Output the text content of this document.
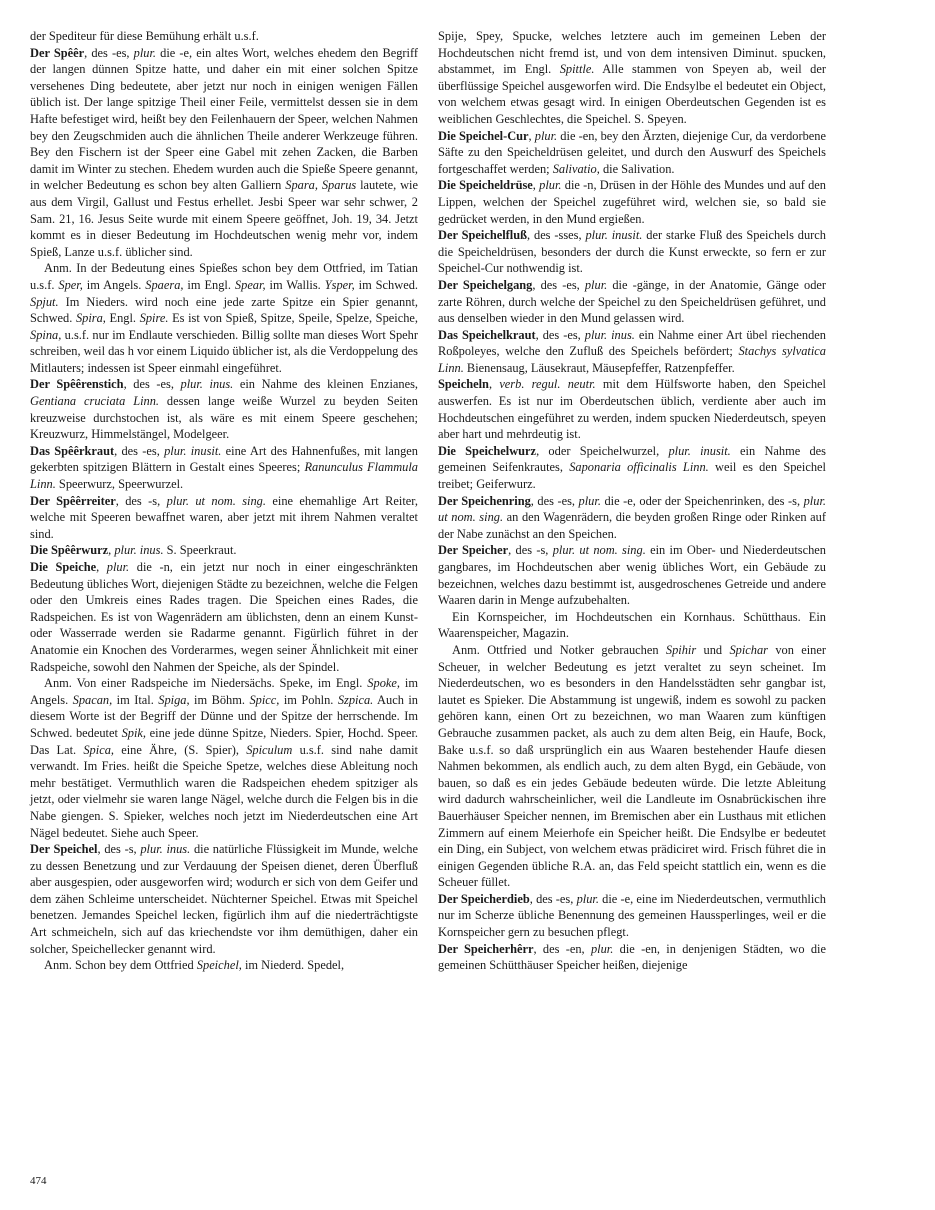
der Spediteur für diese Bemühung erhält u.s.f.

Der Spêêr, des -es, plur. die -e, ein altes Wort, welches ehedem den Begriff der langen dünnen Spitze hatte, und daher ein mit einer solchen Spitze versehenes Ding bedeutete, aber jetzt nur noch in einigen wenigen Fällen üblich ist. Der lange spitzige Theil einer Feile, vermittelst dessen sie in dem Hafte befestiget wird, heißt bey den Feilenhauern der Speer, welchen Nahmen bey den Zeugschmiden auch die ähnlichen Theile anderer Werkzeuge führen. Bey den Fischern ist der Speer eine Gabel mit zehen Zacken, die Barben damit im Winter zu stechen. Ehedem wurden auch die Spieße Speere genannt, in welcher Bedeutung es schon bey alten Galliern Spara, Sparus lautete, wie aus dem Virgil, Gallust und Festus erhellet. Jesbi Speer war sehr schwer, 2 Sam. 21, 16. Jesus Seite wurde mit einem Speere geöffnet, Joh. 19, 34. Jetzt kommt es in dieser Bedeutung im Hochdeutschen wenig mehr vor, indem Spieß, Lanze u.s.f. üblicher sind.

Anm. In der Bedeutung eines Spießes schon bey dem Ottfried, im Tatian u.s.f. Sper, im Angels. Spaera, im Engl. Spear, im Wallis. Ysper, im Schwed. Spjut. Im Nieders. wird noch eine jede zarte Spitze ein Spier genannt, Schwed. Spira, Engl. Spire. Es ist von Spieß, Spitze, Speile, Spelze, Speiche, Spina, u.s.f. nur im Endlaute verschieden. Billig sollte man dieses Wort Spehr schreiben, weil das h vor einem Liquido üblicher ist, als die Verdoppelung des Mitlauters; indessen ist Speer einmahl eingeführet.

Der Spêêrenstich, des -es, plur. inus. ein Nahme des kleinen Enzianes, Gentiana cruciata Linn. dessen lange weiße Wurzel zu beyden Seiten kreuzweise durchstochen ist, als wäre es mit einem Speere geschehen; Kreuzwurz, Himmelstängel, Modelgeer.

Das Spêêrkraut, des -es, plur. inusit. eine Art des Hahnenfußes, mit langen gekerbten spitzigen Blättern in Gestalt eines Speeres; Ranunculus Flammula Linn. Speerwurz, Speerwurzel.

Der Spêêrreiter, des -s, plur. ut nom. sing. eine ehemahlige Art Reiter, welche mit Speeren bewaffnet waren, aber jetzt mit ihrem Nahmen veraltet sind.

Die Spêêrwurz, plur. inus. S. Speerkraut.

Die Speiche, plur. die -n, ein jetzt nur noch in einer eingeschränkten Bedeutung übliches Wort, diejenigen Städte zu bezeichnen, welche die Felgen oder den Umkreis eines Rades tragen. Die Speichen eines Rades, die Radspeichen. Es ist von Wagenrädern am üblichsten, denn an einem Kunst- oder Wasserrade werden sie Radarme genannt. Figürlich führet in der Anatomie ein Knochen des Vorderarmes, wegen seiner Ähnlichkeit mit einer Radspeiche, sowohl den Nahmen der Speiche, als der Spindel.

Anm. Von einer Radspeiche im Niedersächs. Speke, im Engl. Spoke, im Angels. Spacan, im Ital. Spiga, im Böhm. Spicc, im Pohln. Szpica. Auch in diesem Worte ist der Begriff der Dünne und der Spitze der herrschende. Im Schwed. bedeutet Spik, eine jede dünne Spitze, Nieders. Spier, Hochd. Speer. Das Lat. Spica, eine Ähre, (S. Spier), Spiculum u.s.f. sind nahe damit verwandt. Im Fries. heißt die Speiche Spetze, welches diese Ableitung noch mehr bestätiget. Vermuthlich waren die Radspeichen ehedem spitziger als jetzt, oder vielmehr sie waren lange Nägel, welche durch die Felgen bis in die Nabe giengen. S. Spieker, welches noch jetzt im Niederdeutschen eine Art Nägel bedeutet. Siehe auch Speer.

Der Speichel, des -s, plur. inus. die natürliche Flüssigkeit im Munde, welche zu dessen Benetzung und zur Verdauung der Speisen dienet, deren Überfluß aber ausgespien, oder ausgeworfen wird; wodurch er sich von dem Geifer und dem zähen Schleime unterscheidet. Nüchterner Speichel. Etwas mit Speichel benetzen. Jemandes Speichel lecken, figürlich ihm auf die niederträchtigste Art schmeicheln, sich auf das kriechendste vor ihm demüthigen, daher ein solcher, Speichellecker genannt wird.

Anm. Schon bey dem Ottfried Speichel, im Niederd. Spedel,

Spije, Spey, Spucke, welches letztere auch im gemeinen Leben der Hochdeutschen nicht fremd ist, und von dem intensiven Diminut. spucken, abstammet, im Engl. Spittle. Alle stammen von Speyen ab, weil der überflüssige Speichel ausgeworfen wird. Die Endsylbe el bedeutet ein Object, von welchem etwas gesagt wird. In einigen Oberdeutschen Gegenden ist es weiblichen Geschlechtes, die Speichel. S. Speyen.

Die Speichel-Cur, plur. die -en, bey den Ärzten, diejenige Cur, da verdorbene Säfte zu den Speicheldrüsen geleitet, und durch den Auswurf des Speichels fortgeschaffet werden; Salivatio, die Salivation.

Die Speicheldrüse, plur. die -n, Drüsen in der Höhle des Mundes und auf den Lippen, welchen der Speichel zugeführet wird, welchen sie, so bald sie gedrücket werden, in den Mund ergießen.

Der Speichelfluß, des -sses, plur. inusit. der starke Fluß des Speichels durch die Speicheldrüsen, besonders der durch die Kunst erweckte, so fern er zur Speichel-Cur nothwendig ist.

Der Speichelgang, des -es, plur. die -gänge, in der Anatomie, Gänge oder zarte Röhren, durch welche der Speichel zu den Speicheldrüsen geführet, und aus denselben wieder in den Mund gelassen wird.

Das Speichelkraut, des -es, plur. inus. ein Nahme einer Art übel riechenden Roßpoleyes, welche den Zufluß des Speichels befördert; Stachys sylvatica Linn. Bienensaug, Läusekraut, Mäusepfeffer, Ratzenpfeffer.

Speicheln, verb. regul. neutr. mit dem Hülfsworte haben, den Speichel auswerfen. Es ist nur im Oberdeutschen üblich, verdiente aber auch im Hochdeutschen eingeführet zu werden, indem spucken Niederdeutsch, speyen aber hart und mehrdeutig ist.

Die Speichelwurz, oder Speichelwurzel, plur. inusit. ein Nahme des gemeinen Seifenkrautes, Saponaria officinalis Linn. weil es den Speichel treibet; Geiferwurz.

Der Speichenring, des -es, plur. die -e, oder der Speichenrinken, des -s, plur. ut nom. sing. an den Wagenrädern, die beyden großen Ringe oder Rinken auf der Nabe zunächst an den Speichen.

Der Speicher, des -s, plur. ut nom. sing. ein im Ober- und Niederdeutschen gangbares, im Hochdeutschen aber wenig übliches Wort, ein Gebäude zu bezeichnen, welches dazu bestimmt ist, ausgedroschenes Getreide und andere Waaren darin in Menge aufzubehalten.

Ein Kornspeicher, im Hochdeutschen ein Kornhaus. Schütthaus. Ein Waarenspeicher, Magazin.

Anm. Ottfried und Notker gebrauchen Spihir und Spichar von einer Scheuer, in welcher Bedeutung es jetzt veraltet zu seyn scheinet. Im Niederdeutschen, wo es besonders in den Handelsstädten sehr gangbar ist, lautet es Spieker. Die Abstammung ist ungewiß, indem es sowohl zu packen gehören kann, einen Ort zu bezeichnen, wo man Waaren zum künftigen Gebrauche zusammen packet, als auch zu dem alten Beig, ein Haufe, Bock, Bake u.s.f. so daß ursprünglich ein aus Waaren bestehender Haufe diesen Nahmen bekommen, als endlich auch, zu dem alten Bygd, ein Gebäude, von bauen, so daß es ein jedes Gebäude bedeuten würde. Die letzte Ableitung wird dadurch wahrscheinlicher, weil die Landleute im Osnabrückischen ihre Bauerhäuser Speicher nennen, im Bremischen aber ein Lusthaus mit etlichen Zimmern auf einem Meierhofe ein Speicher heißt. Die Endsylbe er bedeutet ein Ding, ein Subject, von welchem etwas prädiciret wird. Frisch führet die in einigen Gegenden übliche R.A. an, das Feld speicht stattlich ein, wenn es die Scheuer füllet.

Der Speicherdieb, des -es, plur. die -e, eine im Niederdeutschen, vermuthlich nur im Scherze übliche Benennung des gemeinen Haussperlinges, weil er die Kornspeicher gern zu besuchen pflegt.

Der Speicherhêrr, des -en, plur. die -en, in denjenigen Städten, wo die gemeinen Schütthäuser Speicher heißen, diejenige

474
